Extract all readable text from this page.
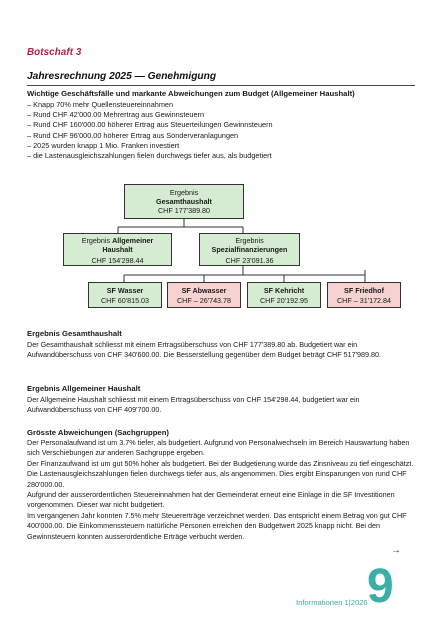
Botschaft 3
Jahresrechnung 2025 — Genehmigung
Wichtige Geschäftsfälle und markante Abweichungen zum Budget (Allgemeiner Haushalt)
– Knapp 70% mehr Quellensteuereinnahmen
– Rund CHF 42'000.00 Mehrertrag aus Gewinnsteuern
– Rund CHF 160'000.00 höherer Ertrag aus Steuerteilungen Gewinnsteuern
– Rund CHF 96'000.00 höherer Ertrag aus Sonderveranlagungen
– 2025 wurden knapp 1 Mio. Franken investiert
– die Lastenausgleichszahlungen fielen durchwegs tiefer aus, als budgetiert
Ergebnis
Gesamthaushalt
CHF 177'389.80
Ergebnis Allgemeiner
Haushalt
CHF 154'298.44
Ergebnis
Spezialfinanzierungen
CHF 23'091.36
SF Wasser
CHF 60'815.03
SF Abwasser
CHF – 26'743.78
SF Kehricht
CHF 20'192.95
SF Friedhof
CHF – 31'172.84
Ergebnis Gesamthaushalt
Der Gesamthaushalt schliesst mit einem Ertragsüberschuss von CHF 177'389.80 ab. Budgetiert war ein Aufwandüberschuss von CHF 340'600.00. Die Besserstellung gegenüber dem Budget beträgt CHF 517'989.80.
Ergebnis Allgemeiner Haushalt
Der Allgemeine Haushalt schliesst mit einem Ertragsüberschuss von CHF 154'298.44, budgetiert war ein Aufwandüberschuss von CHF 409'700.00.
Grösste Abweichungen (Sachgruppen)
Der Personalaufwand ist um 3.7% tiefer, als budgetiert. Aufgrund von Personalwechseln im Bereich Hauswartung haben sich Verschiebungen zur anderen Sachgruppe ergeben.
Der Finanzaufwand ist um gut 50% höher als budgetiert. Bei der Budgetierung wurde das Zinsniveau zu tief eingeschätzt.
Die Lastenausgleichszahlungen fielen durchwegs tiefer aus, als angenommen. Dies ergibt Einsparungen von rund CHF 280'000.00.
Aufgrund der ausserordentlichen Steuereinnahmen hat der Gemeinderat erneut eine Einlage in die SF Investitionen vorgenommen. Dieser war nicht budgetiert.
Im vergangenen Jahr konnten 7.5% mehr Steuererträge verzeichnet werden. Das entspricht einem Betrag von gut CHF 400'000.00. Die Einkommenssteuern natürliche Personen erreichen den Budgetwert 2025 knapp nicht. Bei den Gewinnsteuern konnten ausserordentliche Erträge verbucht werden.
→
Informationen 1|2026 9
